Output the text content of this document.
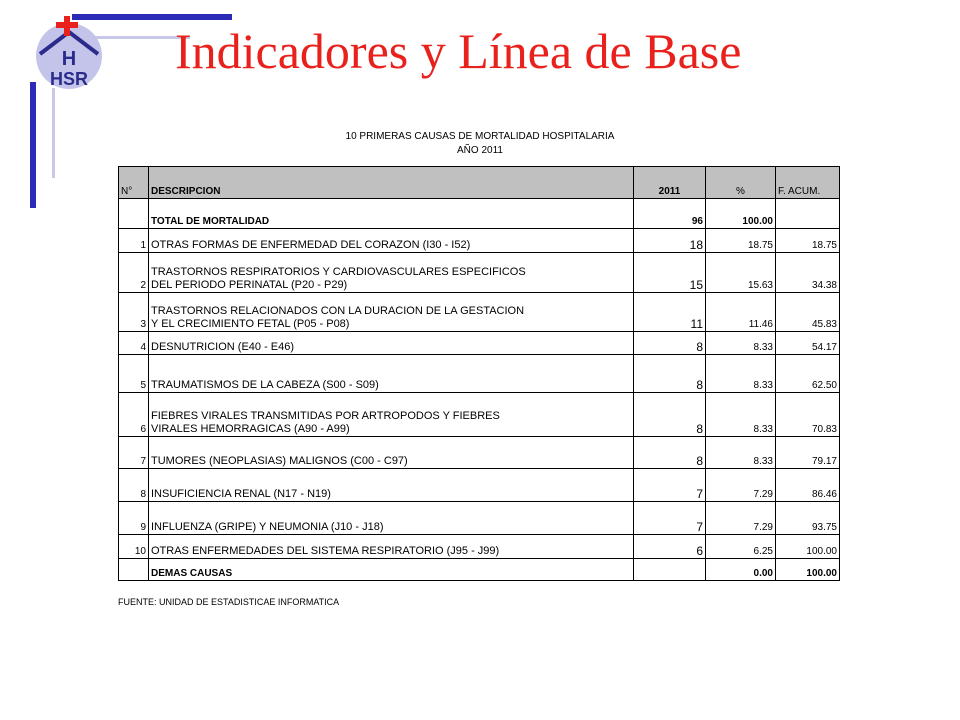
H
HSR Indicadores y Línea de Base
10 PRIMERAS CAUSAS DE MORTALIDAD HOSPITALARIA
AÑO 2011
N°	DESCRIPCION	2011	%	F. ACUM.
	TOTAL DE MORTALIDAD	96	100.00	
1	OTRAS FORMAS DE ENFERMEDAD DEL CORAZON (I30 - I52)	18	18.75	18.75
2	TRASTORNOS RESPIRATORIOS Y CARDIOVASCULARES ESPECIFICOS
DEL PERIODO PERINATAL (P20 - P29)	15	15.63	34.38
3	TRASTORNOS RELACIONADOS CON LA DURACION DE LA GESTACION
Y EL CRECIMIENTO FETAL (P05 - P08)	11	11.46	45.83
4	DESNUTRICION (E40 - E46)	8	8.33	54.17
5	TRAUMATISMOS DE LA CABEZA (S00 - S09)	8	8.33	62.50
6	FIEBRES VIRALES TRANSMITIDAS POR ARTROPODOS Y FIEBRES
VIRALES HEMORRAGICAS (A90 - A99)	8	8.33	70.83
7	TUMORES (NEOPLASIAS) MALIGNOS (C00 - C97)	8	8.33	79.17
8	INSUFICIENCIA RENAL (N17 - N19)	7	7.29	86.46
9	INFLUENZA (GRIPE) Y NEUMONIA (J10 - J18)	7	7.29	93.75
10	OTRAS ENFERMEDADES DEL SISTEMA RESPIRATORIO (J95 - J99)	6	6.25	100.00
	DEMAS CAUSAS		0.00	100.00
FUENTE: UNIDAD DE ESTADISTICAE INFORMATICA
